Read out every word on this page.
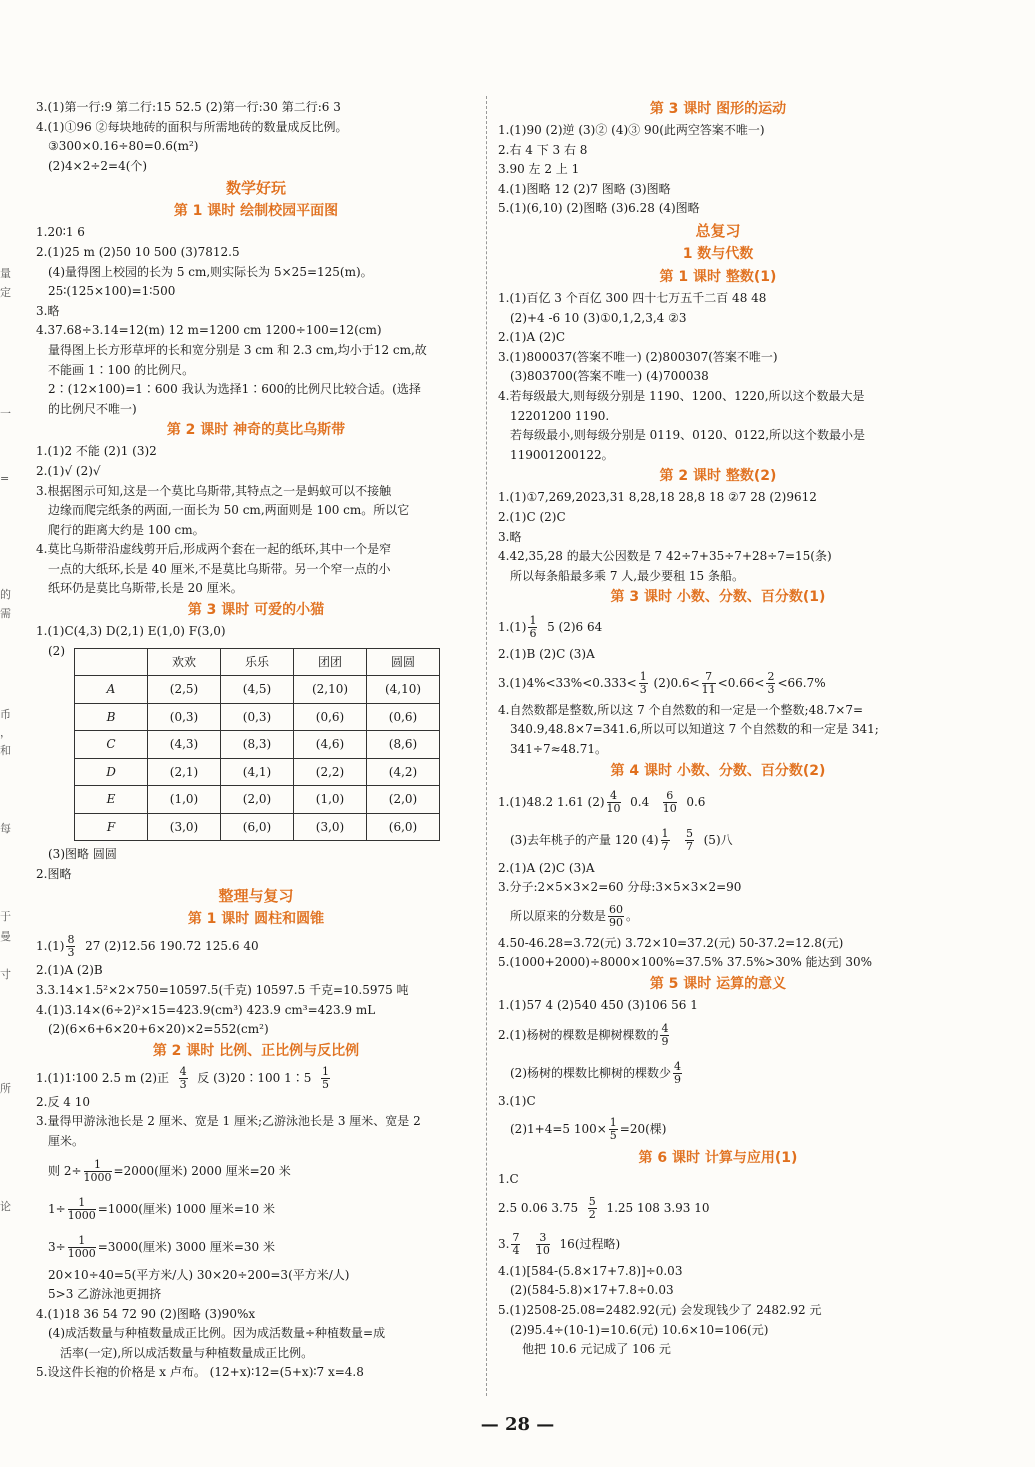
量
定
一
=
的
需
币
，
和
每
于
曼
寸
所
论
3.(1)第一行:9 第二行:15 52.5 (2)第一行:30 第二行:6 3
4.(1)①96 ②每块地砖的面积与所需地砖的数量成反比例。
③300×0.16÷80=0.6(m²)
(2)4×2÷2=4(个)
数学好玩
第 1 课时 绘制校园平面图
1.20∶1 6
2.(1)25 m (2)50 10 500 (3)7812.5
(4)量得图上校园的长为 5 cm,则实际长为 5×25=125(m)。
25∶(125×100)=1∶500
3.略
4.37.68÷3.14=12(m) 12 m=1200 cm 1200÷100=12(cm)
量得图上长方形草坪的长和宽分别是 3 cm 和 2.3 cm,均小于12 cm,故
不能画 1∶100 的比例尺。
2∶(12×100)=1∶600 我认为选择1∶600的比例尺比较合适。(选择
的比例尺不唯一)
第 2 课时 神奇的莫比乌斯带
1.(1)2 不能 (2)1 (3)2
2.(1)√ (2)√
3.根据图示可知,这是一个莫比乌斯带,其特点之一是蚂蚁可以不接触
边缘而爬完纸条的两面,一面长为 50 cm,两面则是 100 cm。所以它
爬行的距离大约是 100 cm。
4.莫比乌斯带沿虚线剪开后,形成两个套在一起的纸环,其中一个是窄
一点的大纸环,长是 40 厘米,不是莫比乌斯带。另一个窄一点的小
纸环仍是莫比乌斯带,长是 20 厘米。
第 3 课时 可爱的小猫
1.(1)C(4,3) D(2,1) E(1,0) F(3,0)
(2)
	欢欢	乐乐	团团	圆圆
A	(2,5)	(4,5)	(2,10)	(4,10)
B	(0,3)	(0,3)	(0,6)	(0,6)
C	(4,3)	(8,3)	(4,6)	(8,6)
D	(2,1)	(4,1)	(2,2)	(4,2)
E	(1,0)	(2,0)	(1,0)	(2,0)
F	(3,0)	(6,0)	(3,0)	(6,0)
(3)图略 圆圆
2.图略
整理与复习
第 1 课时 圆柱和圆锥
$1.(1) \frac{8}{3} 27$ (2)12.56 190.72 125.6 40
2.(1)A (2)B
3.3.14×1.5²×2×750=10597.5(千克) 10597.5 千克=10.5975 吨
4.(1)3.14×(6÷2)²×15=423.9(cm³) 423.9 cm³=423.9 mL
(2)(6×6+6×20+6×20)×2=552(cm²)
第 2 课时 比例、正比例与反比例
1.(1)1∶100 2.5 m (2)正 $\frac{4}{3}$ 反 (3)20∶100 1∶5 $\frac{1}{5}$
2.反 4 10
3.量得甲游泳池长是 2 厘米、宽是 1 厘米;乙游泳池长是 3 厘米、宽是 2
厘米。
则 $2\div \frac{1}{1000} =2000$(厘米) 2000 厘米=20 米
$1\div \frac{1}{1000} =1000$(厘米) 1000 厘米=10 米
$3\div \frac{1}{1000} =3000$(厘米) 3000 厘米=30 米
20×10÷40=5(平方米/人) 30×20÷200=3(平方米/人)
5>3 乙游泳池更拥挤
4.(1)18 36 54 72 90 (2)图略 (3)90%x
(4)成活数量与种植数量成正比例。因为成活数量÷种植数量=成
活率(一定),所以成活数量与种植数量成正比例。
5.设这件长袍的价格是 x 卢布。 (12+x)∶12=(5+x)∶7 x=4.8
第 3 课时 图形的运动
1.(1)90 (2)逆 (3)② (4)③ 90(此两空答案不唯一)
2.右 4 下 3 右 8
3.90 左 2 上 1
4.(1)图略 12 (2)7 图略 (3)图略
5.(1)(6,10) (2)图略 (3)6.28 (4)图略
总复习
1 数与代数
第 1 课时 整数(1)
1.(1)百亿 3 个百亿 300 四十七万五千二百 48 48
(2)+4 -6 10 (3)①0,1,2,3,4 ②3
2.(1)A (2)C
3.(1)800037(答案不唯一) (2)800307(答案不唯一)
(3)803700(答案不唯一) (4)700038
4.若每级最大,则每级分别是 1190、1200、1220,所以这个数最大是
12201200 1190.
若每级最小,则每级分别是 0119、0120、0122,所以这个数最小是
119001200122。
第 2 课时 整数(2)
1.(1)①7,269,2023,31 8,28,18 28,8 18 ②7 28 (2)9612
2.(1)C (2)C
3.略
4.42,35,28 的最大公因数是 7 42÷7+35÷7+28÷7=15(条)
所以每条船最多乘 7 人,最少要租 15 条船。
第 3 课时 小数、分数、百分数(1)
$1.(1) \frac{1}{6} 5$ (2)6 64
2.(1)B (2)C (3)A
$3.(1)4\%<33\%<0.333< \frac{1}{3} (2)0.6< \frac{7}{11} <0.66< \frac{2}{3} <66.7\%$
4.自然数都是整数,所以这 7 个自然数的和一定是一个整数;48.7×7=
340.9,48.8×7=341.6,所以可以知道这 7 个自然数的和一定是 341;
341÷7≈48.71。
第 4 课时 小数、分数、百分数(2)
1.(1)48.2 1.61 $(2) \frac{4}{10} 0.4 \frac{6}{10} 0.6$
(3)去年桃子的产量 120 $(4) \frac{1}{7}$
$\frac{5}{7} (5)$八
2.(1)A (2)C (3)A
3.分子:2×5×3×2=60 分母:3×5×3×2=90
所以原来的分数是 $\frac{60}{90}$ 。
4.50-46.28=3.72(元) 3.72×10=37.2(元) 50-37.2=12.8(元)
5.(1000+2000)÷8000×100%=37.5% 37.5%>30% 能达到 30%
第 5 课时 运算的意义
1.(1)57 4 (2)540 450 (3)106 56 1
2.(1)杨树的棵数是柳树棵数的 $\frac{4}{9}$
(2)杨树的棵数比柳树的棵数少 $\frac{4}{9}$
3.(1)C
(2)1+4=5 $100\times \frac{1}{5} =20$(棵)
第 6 课时 计算与应用(1)
1.C
2.5 0.06 $3.75 \frac{5}{2} 1.25$ 108 3.93 10
3. $\frac{7}{4}$
$\frac{3}{10} 16$(过程略)
4.(1)[584-(5.8×17+7.8)]÷0.03
(2)(584-5.8)×17+7.8÷0.03
5.(1)2508-25.08=2482.92(元) 会发现钱少了 2482.92 元
(2)95.4÷(10-1)=10.6(元) 10.6×10=106(元)
他把 10.6 元记成了 106 元
— 28 —
